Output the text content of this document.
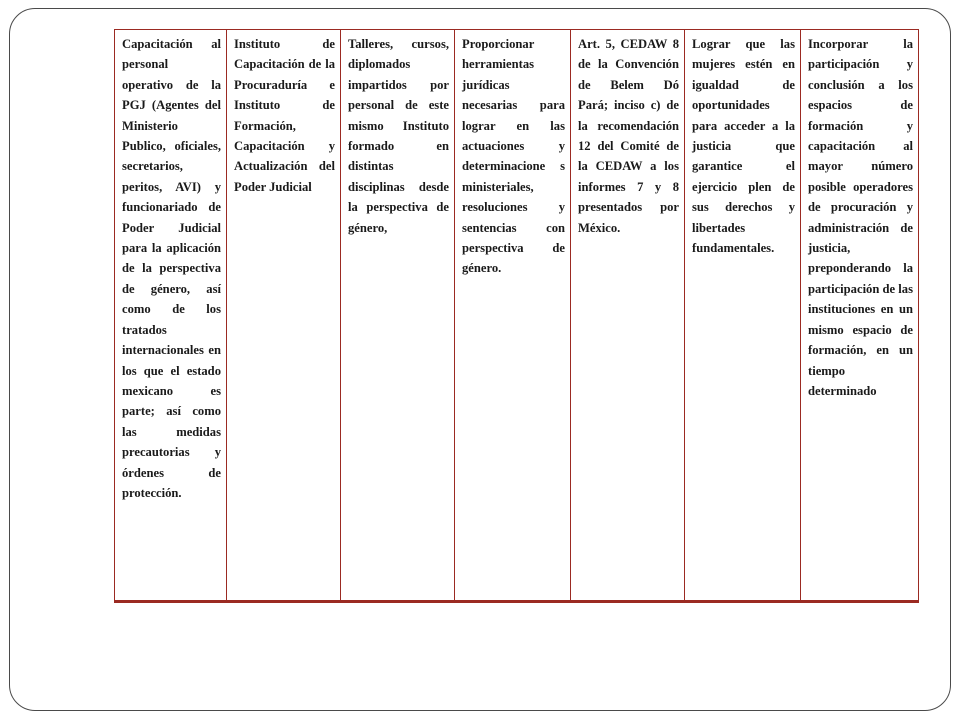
Capacitación al personal operativo de la PGJ (Agentes del Ministerio Publico, oficiales, secretarios, peritos, AVI) y funcionariado de Poder Judicial para la aplicación de la perspectiva de género, así como de los tratados internacionales en los que el estado mexicano es parte; así como las medidas precautorias y órdenes de protección.	Instituto de Capacitación de la Procuraduría e Instituto de Formación, Capacitación y Actualización del Poder Judicial	Talleres, cursos, diplomados impartidos por personal de este mismo Instituto formado en distintas disciplinas desde la perspectiva de género,	Proporcionar herramientas jurídicas necesarias para lograr en las actuaciones y determinacione s ministeriales, resoluciones y sentencias con perspectiva de género.	Art. 5, CEDAW 8 de la Convención de Belem Dó Pará; inciso c) de la recomendación 12 del Comité de la CEDAW a los informes 7 y 8 presentados por México.	Lograr que las mujeres estén en igualdad de oportunidades para acceder a la justicia que garantice el ejercicio plen de sus derechos y libertades fundamentales.	Incorporar la participación y conclusión a los espacios de formación y capacitación al mayor número posible operadores de procuración y administración de justicia, preponderando la participación de las instituciones en un mismo espacio de formación, en un tiempo determinado
